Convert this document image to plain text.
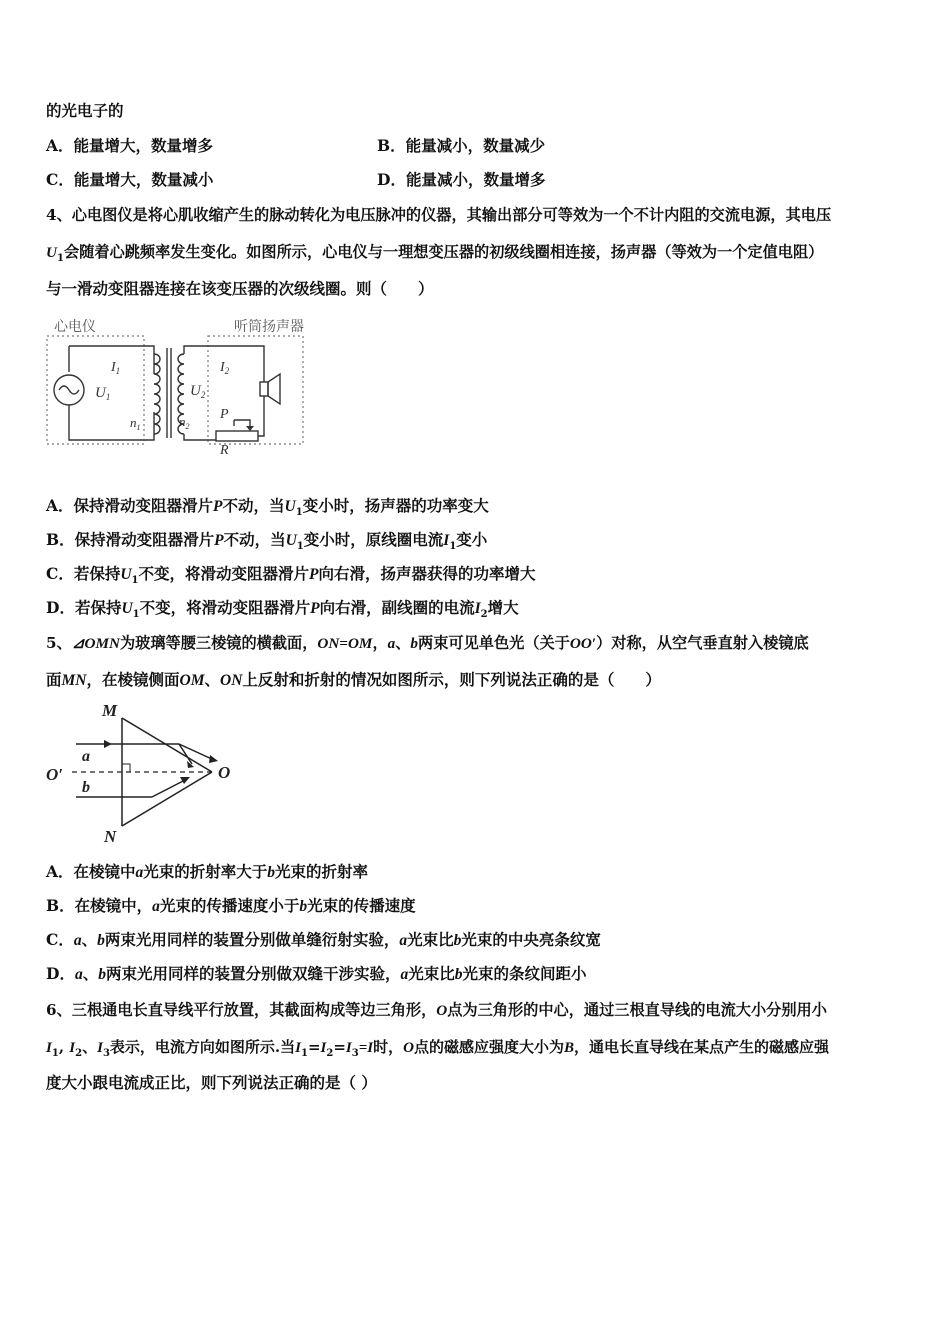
的光电子的
A．能量增大，数量增多	B．能量减小，数量减少
C．能量增大，数量减小	D．能量减小，数量增多
4、心电图仪是将心肌收缩产生的脉动转化为电压脉冲的仪器，其输出部分可等效为一个不计内阻的交流电源，其电压
$U_1$会随着心跳频率发生变化。如图所示，心电仪与一理想变压器的初级线圈相连接，扬声器（等效为一个定值电阻）
与一滑动变阻器连接在该变压器的次级线圈。则（　　）
心电仪	听筒扬声器
$I_1$
$U_1$
$n_1$
$I_2$
$U_2$
$n_2$
P
R
A．保持滑动变阻器滑片P不动，当$U_1$变小时，扬声器的功率变大
B．保持滑动变阻器滑片P不动，当$U_1$变小时，原线圈电流$I_1$变小
C．若保持$U_1$不变，将滑动变阻器滑片P向右滑，扬声器获得的功率增大
D．若保持$U_1$不变，将滑动变阻器滑片P向右滑，副线圈的电流$I_2$增大
5、⊿OMN为玻璃等腰三棱镜的横截面，ON=OM，a、b两束可见单色光（关于OO′）对称，从空气垂直射入棱镜底
面MN，在棱镜侧面OM、ON上反射和折射的情况如图所示，则下列说法正确的是（　　）
M
N
O
O′
a
b
A．在棱镜中a光束的折射率大于b光束的折射率
B．在棱镜中，a光束的传播速度小于b光束的传播速度
C．a、b两束光用同样的装置分别做单缝衍射实验，a光束比b光束的中央亮条纹宽
D．a、b两束光用同样的装置分别做双缝干涉实验，a光束比b光束的条纹间距小
6、三根通电长直导线平行放置，其截面构成等边三角形，O点为三角形的中心，通过三根直导线的电流大小分别用小
$I_1$, $I_2$、$I_3$表示，电流方向如图所示.当$I_1=I_2=I_3=I$时，O点的磁感应强度大小为B，通电长直导线在某点产生的磁感应强
度大小跟电流成正比，则下列说法正确的是（ ）
